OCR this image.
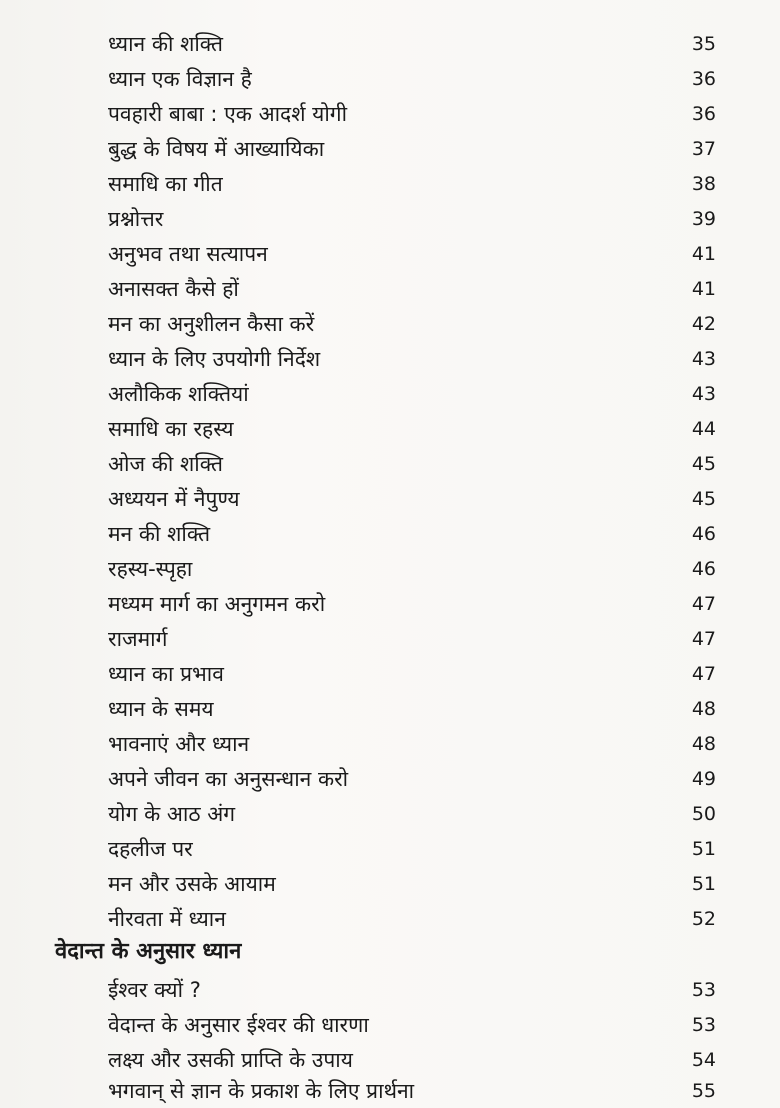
ध्यान की शक्ति	35
ध्यान एक विज्ञान है	36
पवहारी बाबा : एक आदर्श योगी	36
बुद्ध के विषय में आख्यायिका	37
समाधि का गीत	38
प्रश्नोत्तर	39
अनुभव तथा सत्यापन	41
अनासक्त कैसे हों	41
मन का अनुशीलन कैसा करें	42
ध्यान के लिए उपयोगी निर्देश	43
अलौकिक शक्तियां	43
समाधि का रहस्य	44
ओज की शक्ति	45
अध्ययन में नैपुण्य	45
मन की शक्ति	46
रहस्य-स्पृहा	46
मध्यम मार्ग का अनुगमन करो	47
राजमार्ग	47
ध्यान का प्रभाव	47
ध्यान के समय	48
भावनाएं और ध्यान	48
अपने जीवन का अनुसन्धान करो	49
योग के आठ अंग	50
दहलीज पर	51
मन और उसके आयाम	51
नीरवता में ध्यान	52
वेदान्त के अनुसार ध्यान
ईश्वर क्यों ?	53
वेदान्त के अनुसार ईश्वर की धारणा	53
लक्ष्य और उसकी प्राप्ति के उपाय	54
भगवान् से ज्ञान के प्रकाश के लिए प्रार्थना	55
